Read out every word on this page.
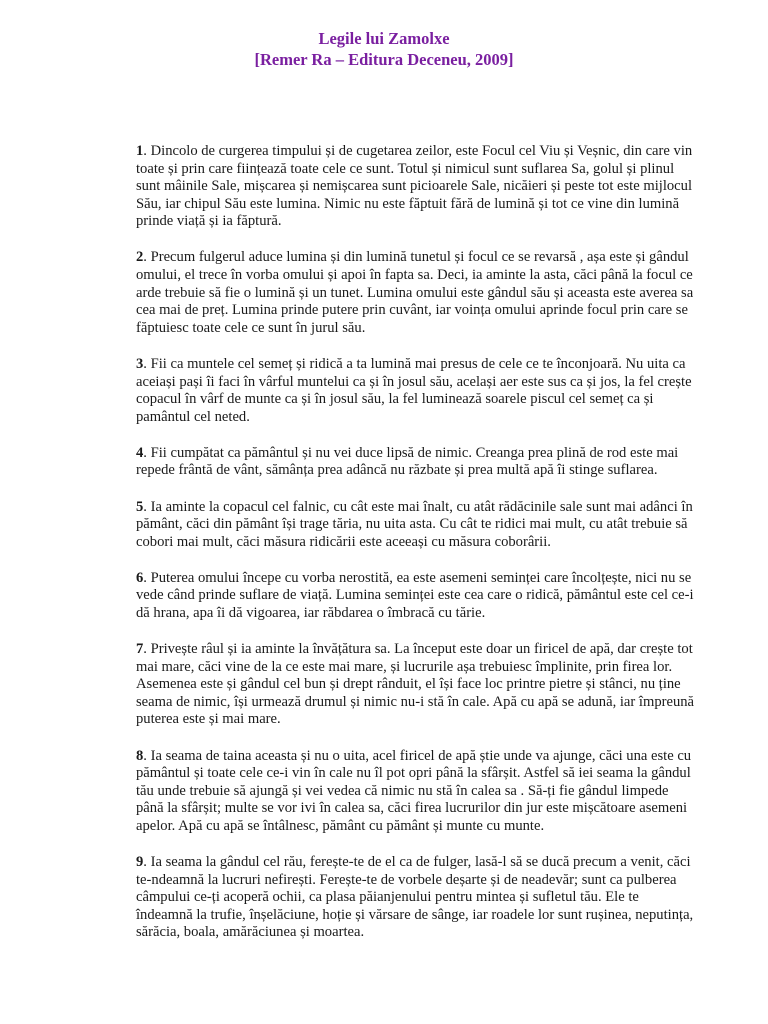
Legile lui Zamolxe
[Remer Ra – Editura Deceneu, 2009]

1. Dincolo de curgerea timpului și de cugetarea zeilor, este Focul cel Viu și Veșnic, din care vin toate și prin care ființează toate cele ce sunt. Totul și nimicul sunt suflarea Sa, golul și plinul sunt mâinile Sale, mișcarea și nemișcarea sunt picioarele Sale, nicăieri și peste tot este mijlocul Său, iar chipul Său este lumina. Nimic nu este făptuit fără de lumină și tot ce vine din lumină prinde viață și ia făptură.

2. Precum fulgerul aduce lumina și din lumină tunetul și focul ce se revarsă , așa este și gândul omului, el trece în vorba omului și apoi în fapta sa. Deci, ia aminte la asta, căci până la focul ce arde trebuie să fie o lumină și un tunet. Lumina omului este gândul său și aceasta este averea sa cea mai de preț. Lumina prinde putere prin cuvânt, iar voința omului aprinde focul prin care se făptuiesc toate cele ce sunt în jurul său.

3. Fii ca muntele cel semeț și ridică a ta lumină mai presus de cele ce te înconjoară. Nu uita ca aceiași pași îi faci în vârful muntelui ca și în josul său, același aer este sus ca și jos, la fel crește copacul în vârf de munte ca și în josul său, la fel luminează soarele piscul cel semeț ca și pamântul cel neted.

4. Fii cumpătat ca pământul și nu vei duce lipsă de nimic. Creanga prea plină de rod este mai repede frântă de vânt, sămânța prea adâncă nu răzbate și prea multă apă îi stinge suflarea.

5. Ia aminte la copacul cel falnic, cu cât este mai înalt, cu atât rădăcinile sale sunt mai adânci în pământ, căci din pământ își trage tăria, nu uita asta. Cu cât te ridici mai mult, cu atât trebuie să cobori mai mult, căci măsura ridicării este aceeași cu măsura coborârii.

6. Puterea omului începe cu vorba nerostită, ea este asemeni seminței care încolțește, nici nu se vede când prinde suflare de viață. Lumina seminței este cea care o ridică, pământul este cel ce-i dă hrana, apa îi dă vigoarea, iar răbdarea o îmbracă cu tărie.

7. Privește râul și ia aminte la învățătura sa. La început este doar un firicel de apă, dar crește tot mai mare, căci vine de la ce este mai mare, și lucrurile așa trebuiesc împlinite, prin firea lor. Asemenea este și gândul cel bun și drept rânduit, el își face loc printre pietre și stânci, nu ține seama de nimic, își urmează drumul și nimic nu-i stă în cale. Apă cu apă se adună, iar împreună puterea este și mai mare.

8. Ia seama de taina aceasta și nu o uita, acel firicel de apă știe unde va ajunge, căci una este cu pământul și toate cele ce-i vin în cale nu îl pot opri până la sfârșit. Astfel să iei seama la gândul tău unde trebuie să ajungă și vei vedea că nimic nu stă în calea sa . Să-ți fie gândul limpede până la sfârșit; multe se vor ivi în calea sa, căci firea lucrurilor din jur este mișcătoare asemeni apelor. Apă cu apă se întâlnesc, pământ cu pământ și munte cu munte.

9. Ia seama la gândul cel rău, ferește-te de el ca de fulger, lasă-l să se ducă precum a venit, căci te-ndeamnă la lucruri nefirești. Ferește-te de vorbele deșarte și de neadevăr; sunt ca pulberea câmpului ce-ți acoperă ochii, ca plasa păianjenului pentru mintea și sufletul tău. Ele te îndeamnă la trufie, înșelăciune, hoție și vărsare de sânge, iar roadele lor sunt rușinea, neputința, sărăcia, boala, amărăciunea și moartea.
